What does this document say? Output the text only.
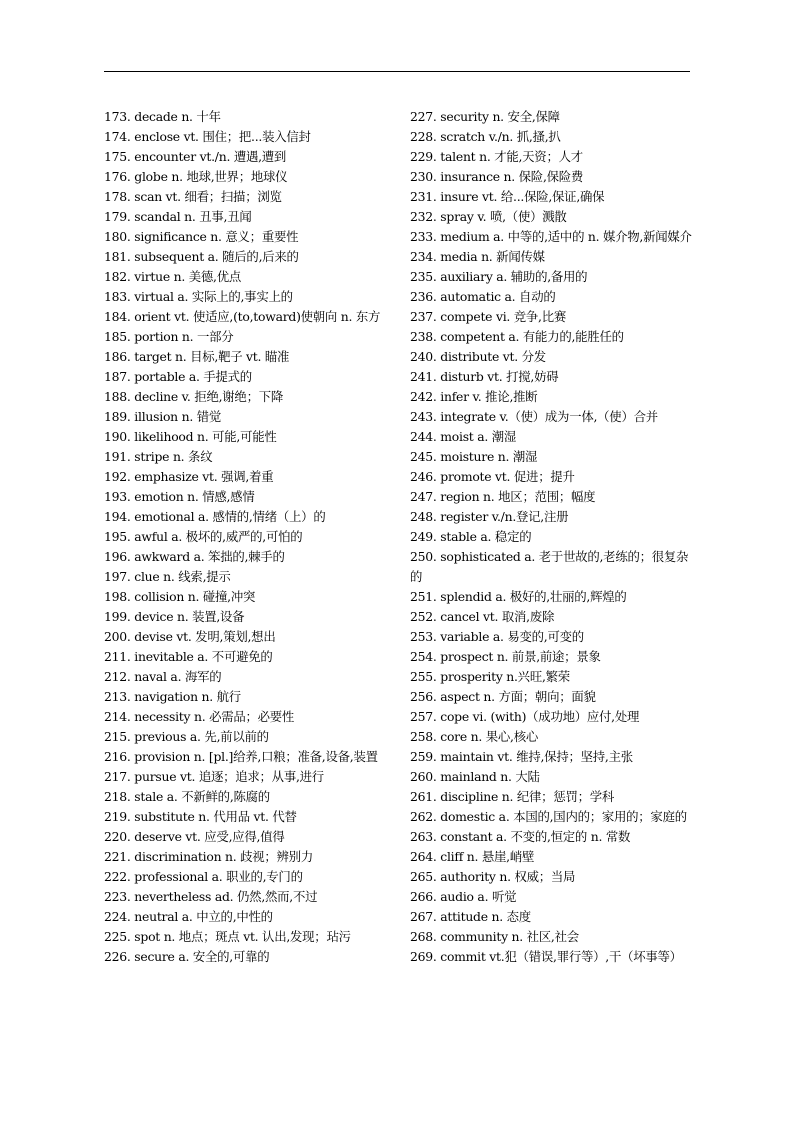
173. decade n. 十年
174. enclose vt. 围住；把...装入信封
175. encounter vt./n. 遭遇,遭到
176. globe n. 地球,世界；地球仪
178. scan vt. 细看；扫描；浏览
179. scandal n. 丑事,丑闻
180. significance n. 意义；重要性
181. subsequent a. 随后的,后来的
182. virtue n. 美德,优点
183. virtual a. 实际上的,事实上的
184. orient vt. 使适应,(to,toward)使朝向 n. 东方
185. portion n. 一部分
186. target n. 目标,靶子 vt. 瞄准
187. portable a. 手提式的
188. decline v. 拒绝,谢绝；下降
189. illusion n. 错觉
190. likelihood n. 可能,可能性
191. stripe n. 条纹
192. emphasize vt. 强调,着重
193. emotion n. 情感,感情
194. emotional a. 感情的,情绪（上）的
195. awful a. 极坏的,威严的,可怕的
196. awkward a. 笨拙的,棘手的
197. clue n. 线索,提示
198. collision n. 碰撞,冲突
199. device n. 装置,设备
200. devise vt. 发明,策划,想出
211. inevitable a. 不可避免的
212. naval a. 海军的
213. navigation n. 航行
214. necessity n. 必需品；必要性
215. previous a. 先,前以前的
216. provision n. [pl.]给养,口粮；准备,设备,装置
217. pursue vt. 追逐；追求；从事,进行
218. stale a. 不新鲜的,陈腐的
219. substitute n. 代用品 vt. 代替
220. deserve vt. 应受,应得,值得
221. discrimination n. 歧视；辨别力
222. professional a. 职业的,专门的
223. nevertheless ad. 仍然,然而,不过
224. neutral a. 中立的,中性的
225. spot n. 地点；斑点 vt. 认出,发现；玷污
226. secure a. 安全的,可靠的
227. security n. 安全,保障
228. scratch v./n. 抓,搔,扒
229. talent n. 才能,天资；人才
230. insurance n. 保险,保险费
231. insure vt. 给...保险,保证,确保
232. spray v. 喷,（使）溅散
233. medium a. 中等的,适中的 n. 媒介物,新闻媒介
234. media n. 新闻传媒
235. auxiliary a. 辅助的,备用的
236. automatic a. 自动的
237. compete vi. 竞争,比赛
238. competent a. 有能力的,能胜任的
240. distribute vt. 分发
241. disturb vt. 打搅,妨碍
242. infer v. 推论,推断
243. integrate v.（使）成为一体,（使）合并
244. moist a. 潮湿
245. moisture n. 潮湿
246. promote vt. 促进；提升
247. region n. 地区；范围；幅度
248. register v./n.登记,注册
249. stable a. 稳定的
250. sophisticated a. 老于世故的,老练的；很复杂的
251. splendid a. 极好的,壮丽的,辉煌的
252. cancel vt. 取消,废除
253. variable a. 易变的,可变的
254. prospect n. 前景,前途；景象
255. prosperity n.兴旺,繁荣
256. aspect n. 方面；朝向；面貌
257. cope vi. (with)（成功地）应付,处理
258. core n. 果心,核心
259. maintain vt. 维持,保持；坚持,主张
260. mainland n. 大陆
261. discipline n. 纪律；惩罚；学科
262. domestic a. 本国的,国内的；家用的；家庭的
263. constant a. 不变的,恒定的 n. 常数
264. cliff n. 悬崖,峭壁
265. authority n. 权威；当局
266. audio a. 听觉
267. attitude n. 态度
268. community n. 社区,社会
269. commit vt.犯（错误,罪行等）,干（坏事等）
